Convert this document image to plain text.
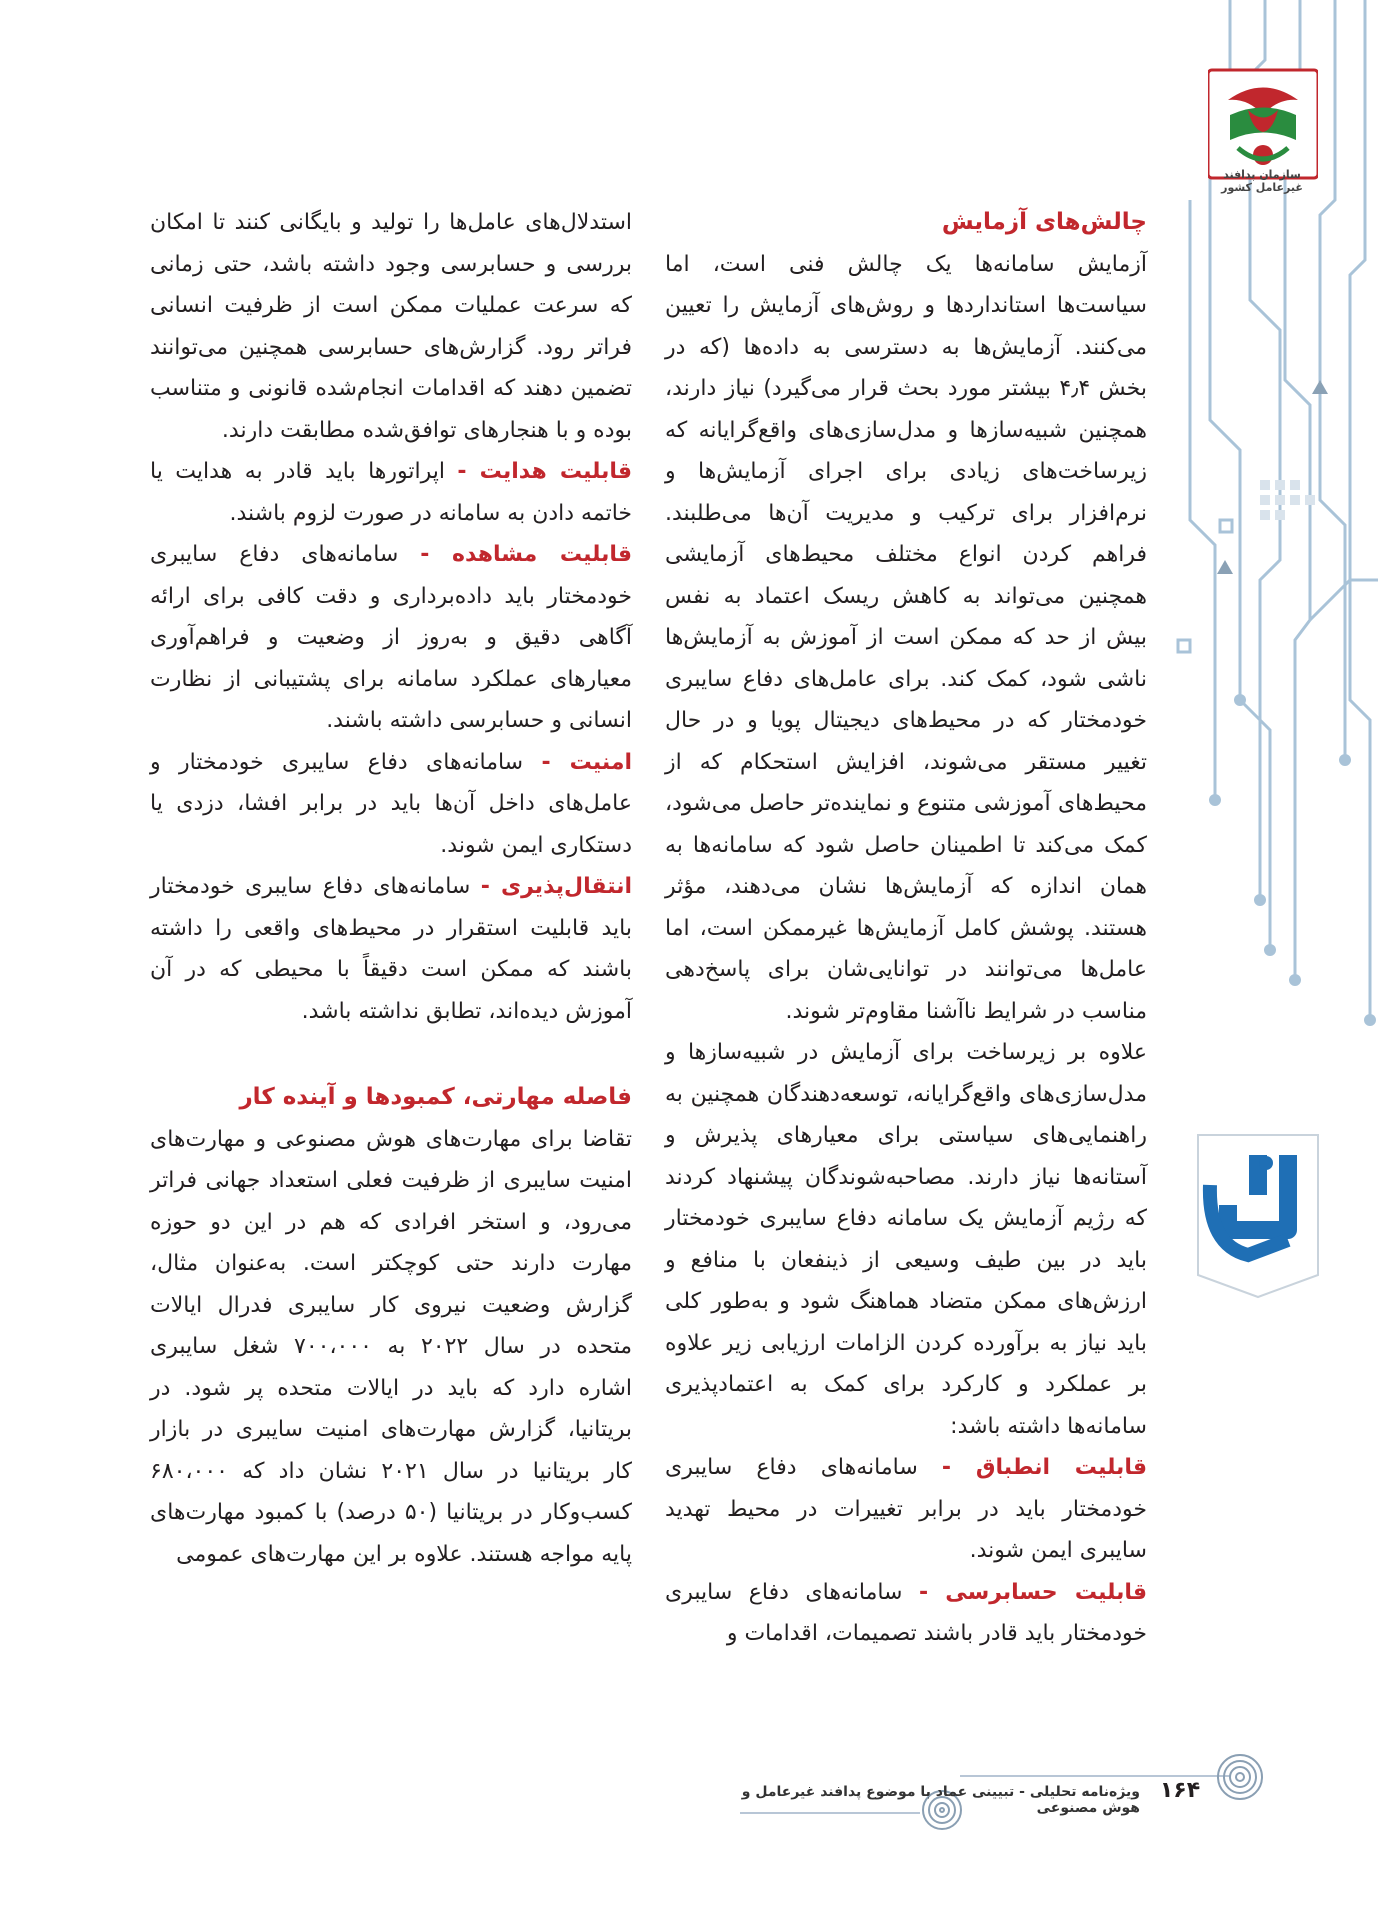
سازمان پدافند غیرعامل کشور

چالش‌های آزمایش

آزمایش سامانه‌ها یک چالش فنی است، اما سیاست‌ها استانداردها و روش‌های آزمایش را تعیین می‌کنند. آزمایش‌ها به دسترسی به داده‌ها (که در بخش ۴٫۴ بیشتر مورد بحث قرار می‌گیرد) نیاز دارند، همچنین شبیه‌سازها و مدل‌سازی‌های واقع‌گرایانه که زیرساخت‌های زیادی برای اجرای آزمایش‌ها و نرم‌افزار برای ترکیب و مدیریت آن‌ها می‌طلبند. فراهم کردن انواع مختلف محیط‌های آزمایشی همچنین می‌تواند به کاهش ریسک اعتماد به نفس بیش از حد که ممکن است از آموزش به آزمایش‌ها ناشی شود، کمک کند. برای عامل‌های دفاع سایبری خودمختار که در محیط‌های دیجیتال پویا و در حال تغییر مستقر می‌شوند، افزایش استحکام که از محیط‌های آموزشی متنوع و نماینده‌تر حاصل می‌شود، کمک می‌کند تا اطمینان حاصل شود که سامانه‌ها به همان اندازه که آزمایش‌ها نشان می‌دهند، مؤثر هستند. پوشش کامل آزمایش‌ها غیرممکن است، اما عامل‌ها می‌توانند در توانایی‌شان برای پاسخ‌دهی مناسب در شرایط ناآشنا مقاوم‌تر شوند.

علاوه بر زیرساخت برای آزمایش در شبیه‌سازها و مدل‌سازی‌های واقع‌گرایانه، توسعه‌دهندگان همچنین به راهنمایی‌های سیاستی برای معیارهای پذیرش و آستانه‌ها نیاز دارند. مصاحبه‌شوندگان پیشنهاد کردند که رژیم آزمایش یک سامانه دفاع سایبری خودمختار باید در بین طیف وسیعی از ذینفعان با منافع و ارزش‌های ممکن متضاد هماهنگ شود و به‌طور کلی باید نیاز به برآورده کردن الزامات ارزیابی زیر علاوه بر عملکرد و کارکرد برای کمک به اعتمادپذیری سامانه‌ها داشته باشد:

قابلیت انطباق - سامانه‌های دفاع سایبری خودمختار باید در برابر تغییرات در محیط تهدید سایبری ایمن شوند.

قابلیت حسابرسی - سامانه‌های دفاع سایبری خودمختار باید قادر باشند تصمیمات، اقدامات و

استدلال‌های عامل‌ها را تولید و بایگانی کنند تا امکان بررسی و حسابرسی وجود داشته باشد، حتی زمانی که سرعت عملیات ممکن است از ظرفیت انسانی فراتر رود. گزارش‌های حسابرسی همچنین می‌توانند تضمین دهند که اقدامات انجام‌شده قانونی و متناسب بوده و با هنجارهای توافق‌شده مطابقت دارند.

قابلیت هدایت - اپراتورها باید قادر به هدایت یا خاتمه دادن به سامانه در صورت لزوم باشند.

قابلیت مشاهده - سامانه‌های دفاع سایبری خودمختار باید داده‌برداری و دقت کافی برای ارائه آگاهی دقیق و به‌روز از وضعیت و فراهم‌آوری معیارهای عملکرد سامانه برای پشتیبانی از نظارت انسانی و حسابرسی داشته باشند.

امنیت - سامانه‌های دفاع سایبری خودمختار و عامل‌های داخل آن‌ها باید در برابر افشا، دزدی یا دستکاری ایمن شوند.

انتقال‌پذیری - سامانه‌های دفاع سایبری خودمختار باید قابلیت استقرار در محیط‌های واقعی را داشته باشند که ممکن است دقیقاً با محیطی که در آن آموزش دیده‌اند، تطابق نداشته باشد.

فاصله مهارتی، کمبودها و آینده کار

تقاضا برای مهارت‌های هوش مصنوعی و مهارت‌های امنیت سایبری از ظرفیت فعلی استعداد جهانی فراتر می‌رود، و استخر افرادی که هم در این دو حوزه مهارت دارند حتی کوچکتر است. به‌عنوان مثال، گزارش وضعیت نیروی کار سایبری فدرال ایالات متحده در سال ۲۰۲۲ به ۷۰۰،۰۰۰ شغل سایبری اشاره دارد که باید در ایالات متحده پر شود. در بریتانیا، گزارش مهارت‌های امنیت سایبری در بازار کار بریتانیا در سال ۲۰۲۱ نشان داد که ۶۸۰،۰۰۰ کسب‌وکار در بریتانیا (۵۰ درصد) با کمبود مهارت‌های پایه مواجه هستند. علاوه بر این مهارت‌های عمومی

۱۶۴
ویژه‌نامه تحلیلی - تبیینی عماد با موضوع پدافند غیرعامل و هوش مصنوعی
